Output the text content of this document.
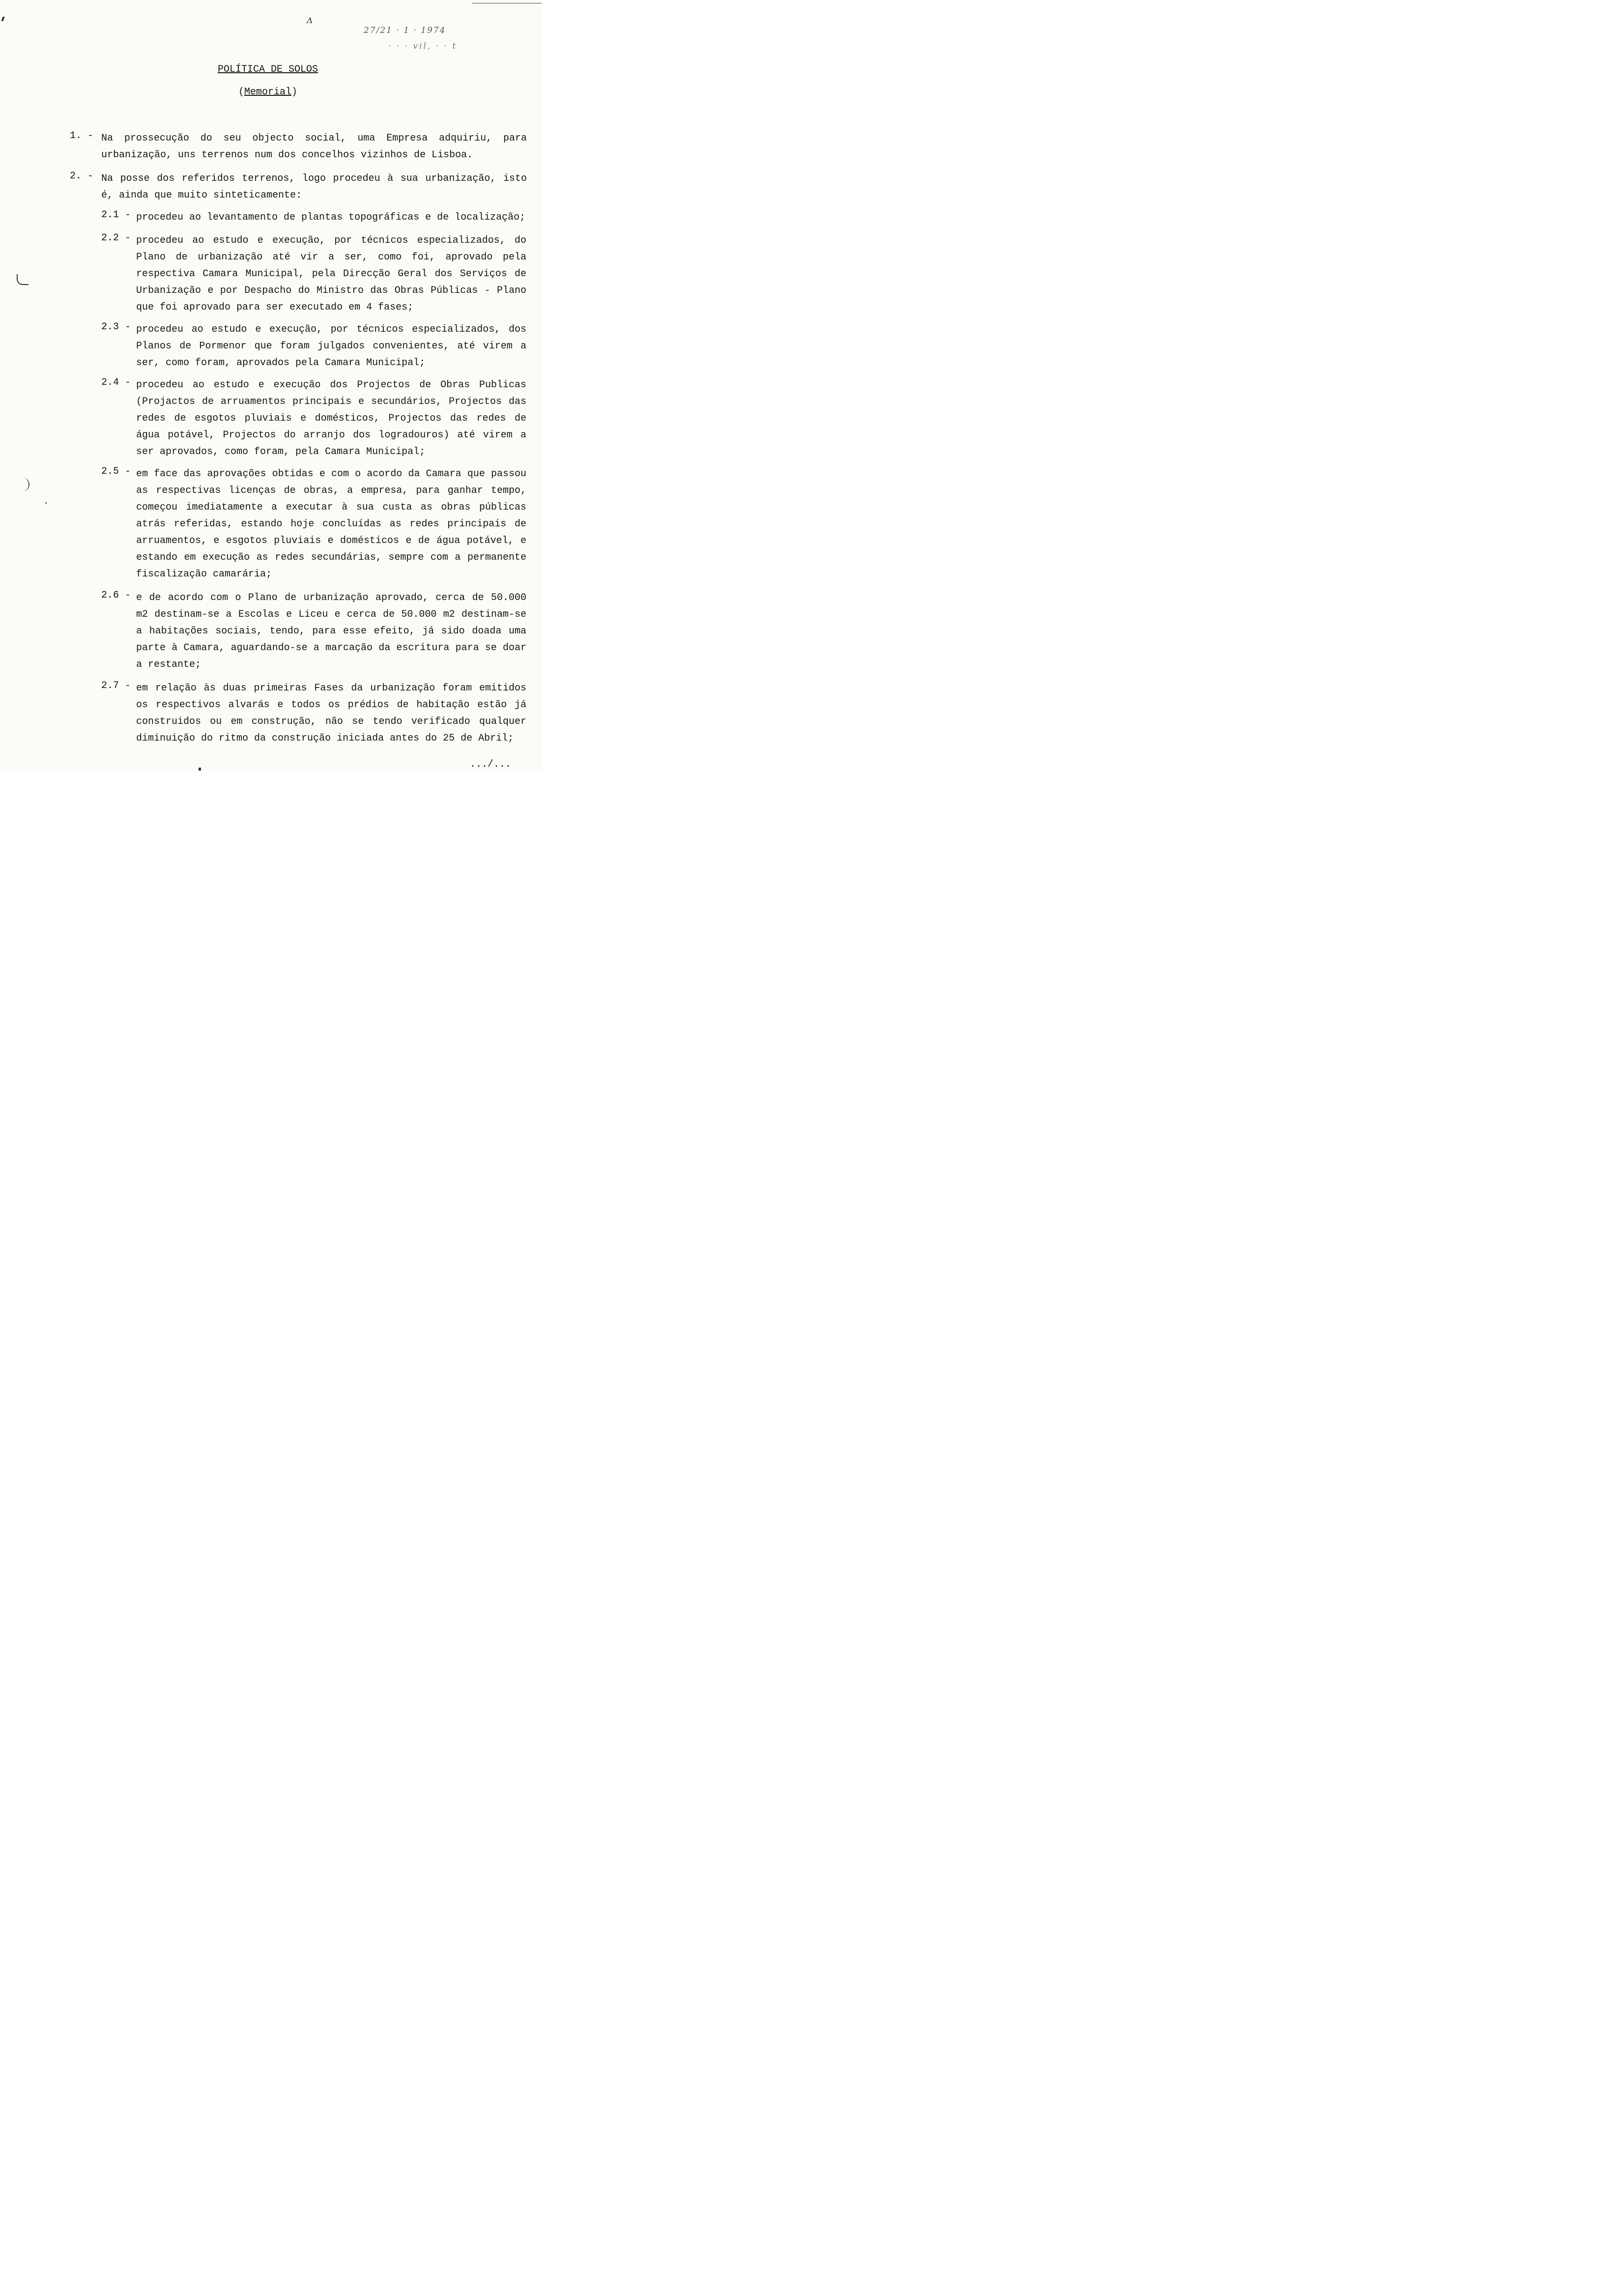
ᴧ
27/21 · 1 · 1974
· · · vil, · · t
POLÍTICA DE SOLOS
(Memorial)
1. - Na prossecução do seu objecto social, uma Empresa adquiriu, para urbanização, uns terrenos num dos concelhos vizinhos de Lisboa.
2. - Na posse dos referidos terrenos, logo procedeu à sua urbanização, isto é, ainda que muito sinteticamente:
2.1 - procedeu ao levantamento de plantas topográficas e de localização;
2.2 - procedeu ao estudo e execução, por técnicos especializados, do Plano de urbanização até vir a ser, como foi, aprovado pela respectiva Camara Municipal, pela Direcção Geral dos Serviços de Urbanização e por Despacho do Ministro das Obras Públicas - Plano que foi aprovado para ser executado em 4 fases;
2.3 - procedeu ao estudo e execução, por técnicos especializados, dos Planos de Pormenor que foram julgados convenientes, até virem a ser, como foram, aprovados pela Camara Municipal;
2.4 - procedeu ao estudo e execução dos Projectos de Obras Publicas (Projactos de arruamentos principais e secundários, Projectos das redes de esgotos pluviais e domésticos, Projectos das redes de água potável, Projectos do arranjo dos logradouros) até virem a ser aprovados, como foram, pela Camara Municipal;
2.5 - em face das aprovações obtidas e com o acordo da Camara que passou as respectivas licenças de obras, a empresa, para ganhar tempo, começou imediatamente a executar à sua custa as obras públicas atrás referidas, estando hoje concluídas as redes principais de arruamentos, e esgotos pluviais e domésticos e de água potável, e estando em execução as redes secundárias, sempre com a permanente fiscalização camarária;
2.6 - e de acordo com o Plano de urbanização aprovado, cerca de 50.000 m2 destinam-se a Escolas e Liceu e cerca de 50.000 m2 destinam-se a habitações sociais, tendo, para esse efeito, já sido doada uma parte à Camara, aguardando-se a marcação da escritura para se doar a restante;
2.7 - em relação às duas primeiras Fases da urbanização foram emitidos os respectivos alvarás e todos os prédios de habitação estão já construidos ou em construção, não se tendo verificado qualquer diminuição do ritmo da construção iniciada antes do 25 de Abril;
.../...
